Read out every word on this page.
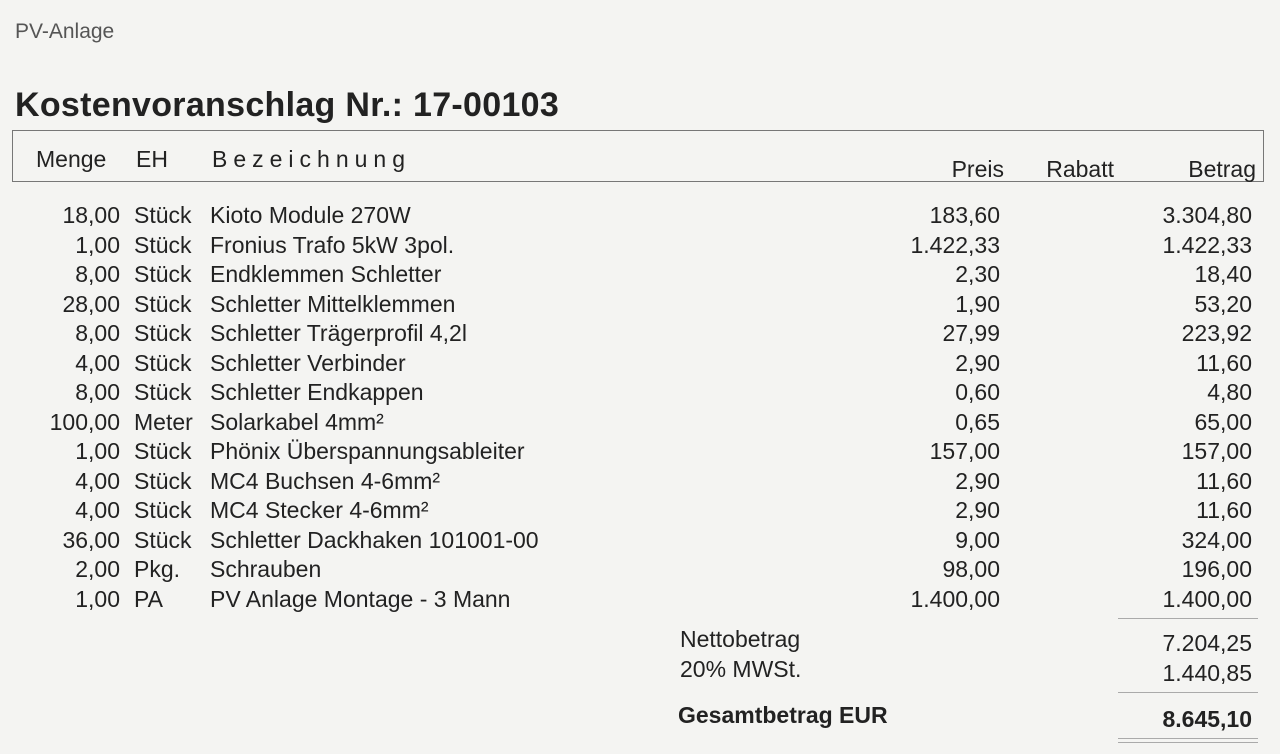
PV-Anlage
Kostenvoranschlag Nr.: 17-00103
Menge EH Bezeichnung	Preis Rabatt	Betrag
18,00 Stück Kioto Module 270W	183,60	3.304,80
1,00 Stück Fronius Trafo 5kW 3pol.	1.422,33	1.422,33
8,00 Stück Endklemmen Schletter	2,30	18,40
28,00 Stück Schletter Mittelklemmen	1,90	53,20
8,00 Stück Schletter Trägerprofil 4,2l	27,99	223,92
4,00 Stück Schletter Verbinder	2,90	11,60
8,00 Stück Schletter Endkappen	0,60	4,80
100,00 Meter Solarkabel 4mm²	0,65	65,00
1,00 Stück Phönix Überspannungsableiter	157,00	157,00
4,00 Stück MC4 Buchsen 4-6mm²	2,90	11,60
4,00 Stück MC4 Stecker 4-6mm²	2,90	11,60
36,00 Stück Schletter Dackhaken 101001-00	9,00	324,00
2,00 Pkg. Schrauben	98,00	196,00
1,00 PA PV Anlage Montage - 3 Mann	1.400,00	1.400,00
Nettobetrag	7.204,25
20% MWSt.	1.440,85
Gesamtbetrag EUR	8.645,10
